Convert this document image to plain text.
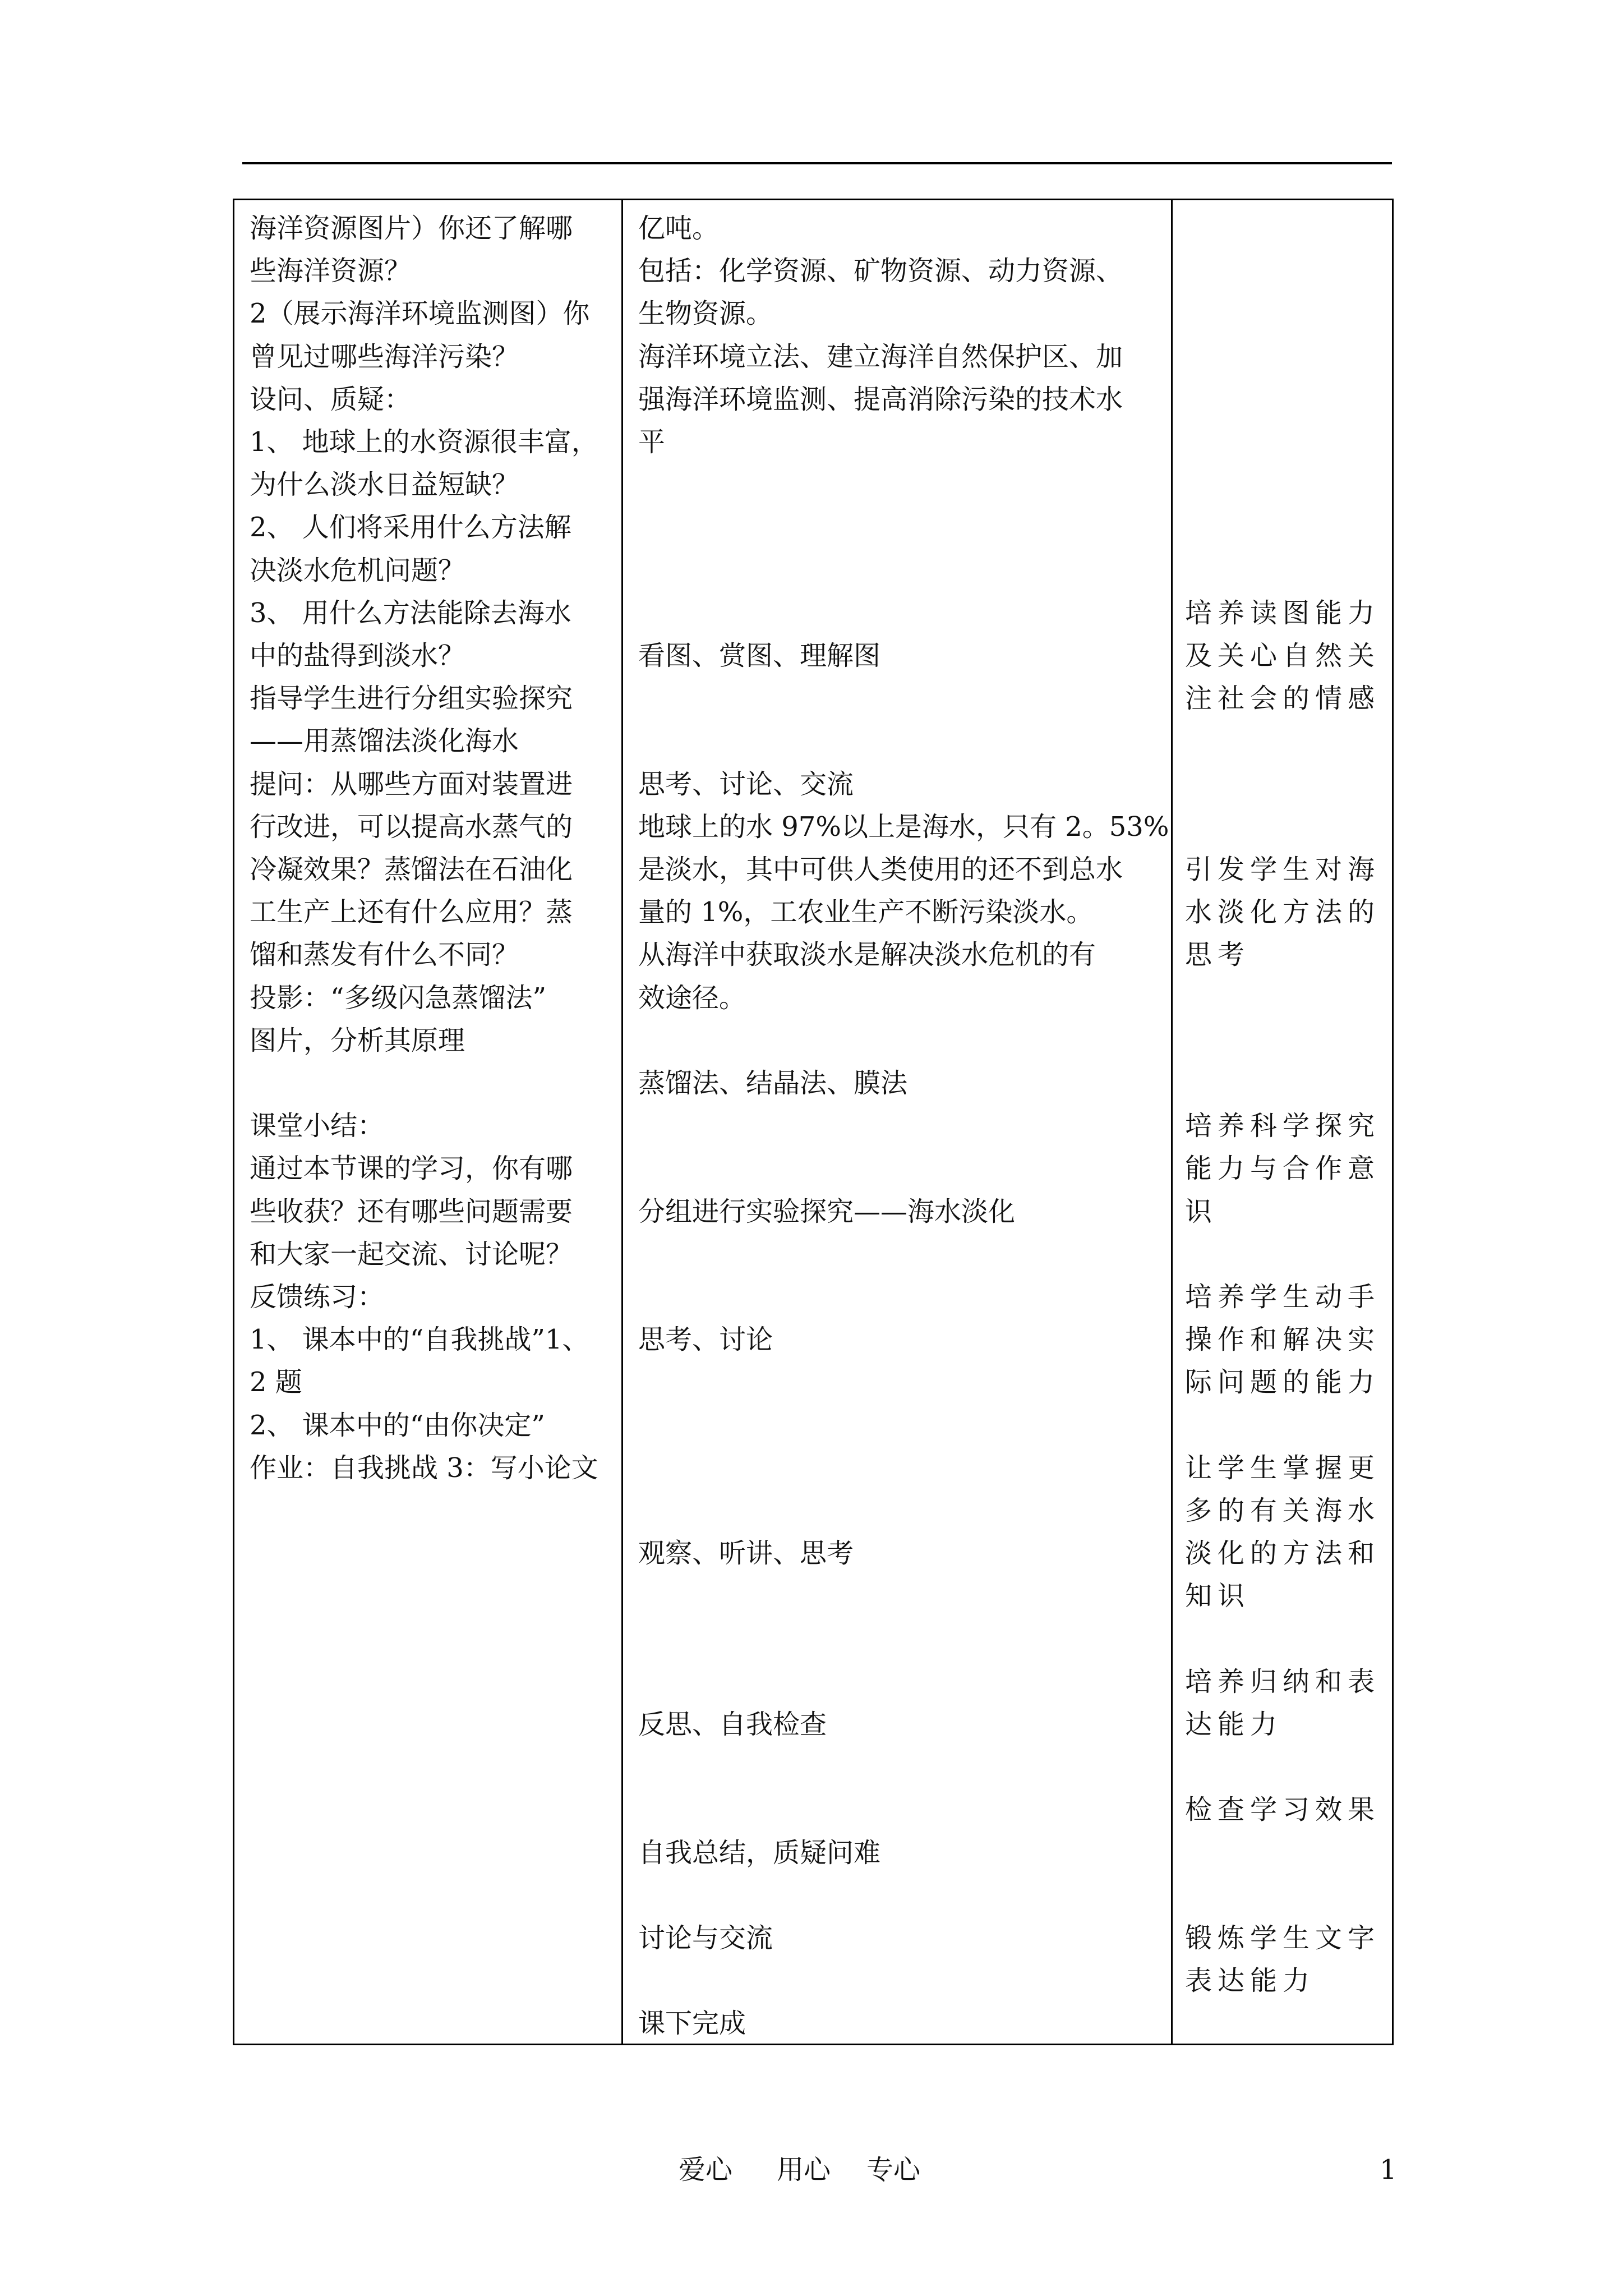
海洋资源图片）你还了解哪
些海洋资源？
2（展示海洋环境监测图）你
曾见过哪些海洋污染？
设问、质疑：
1、 地球上的水资源很丰富，
为什么淡水日益短缺？
2、 人们将采用什么方法解
决淡水危机问题？
3、 用什么方法能除去海水
中的盐得到淡水？
指导学生进行分组实验探究
——用蒸馏法淡化海水
提问：从哪些方面对装置进
行改进，可以提高水蒸气的
冷凝效果？蒸馏法在石油化
工生产上还有什么应用？蒸
馏和蒸发有什么不同？
投影：“多级闪急蒸馏法”
图片，分析其原理
课堂小结：
通过本节课的学习，你有哪
些收获？还有哪些问题需要
和大家一起交流、讨论呢？
反馈练习：
1、 课本中的“自我挑战”1、
2 题
2、 课本中的“由你决定”
作业：自我挑战 3：写小论文
亿吨。
包括：化学资源、矿物资源、动力资源、
生物资源。
海洋环境立法、建立海洋自然保护区、加
强海洋环境监测、提高消除污染的技术水
平
看图、赏图、理解图
思考、讨论、交流
地球上的水 97%以上是海水，只有 2。53%
是淡水，其中可供人类使用的还不到总水
量的 1%，工农业生产不断污染淡水。
从海洋中获取淡水是解决淡水危机的有
效途径。
蒸馏法、结晶法、膜法
分组进行实验探究——海水淡化
思考、讨论
观察、听讲、思考
反思、自我检查
自我总结，质疑问难
讨论与交流
课下完成
培养读图能力
及关心自然关
注社会的情感
引发学生对海
水淡化方法的
思考
培养科学探究
能力与合作意
识
培养学生动手
操作和解决实
际问题的能力
让学生掌握更
多的有关海水
淡化的方法和
知识
培养归纳和表
达能力
检查学习效果
锻炼学生文字
表达能力
爱心 用心 专心	1
